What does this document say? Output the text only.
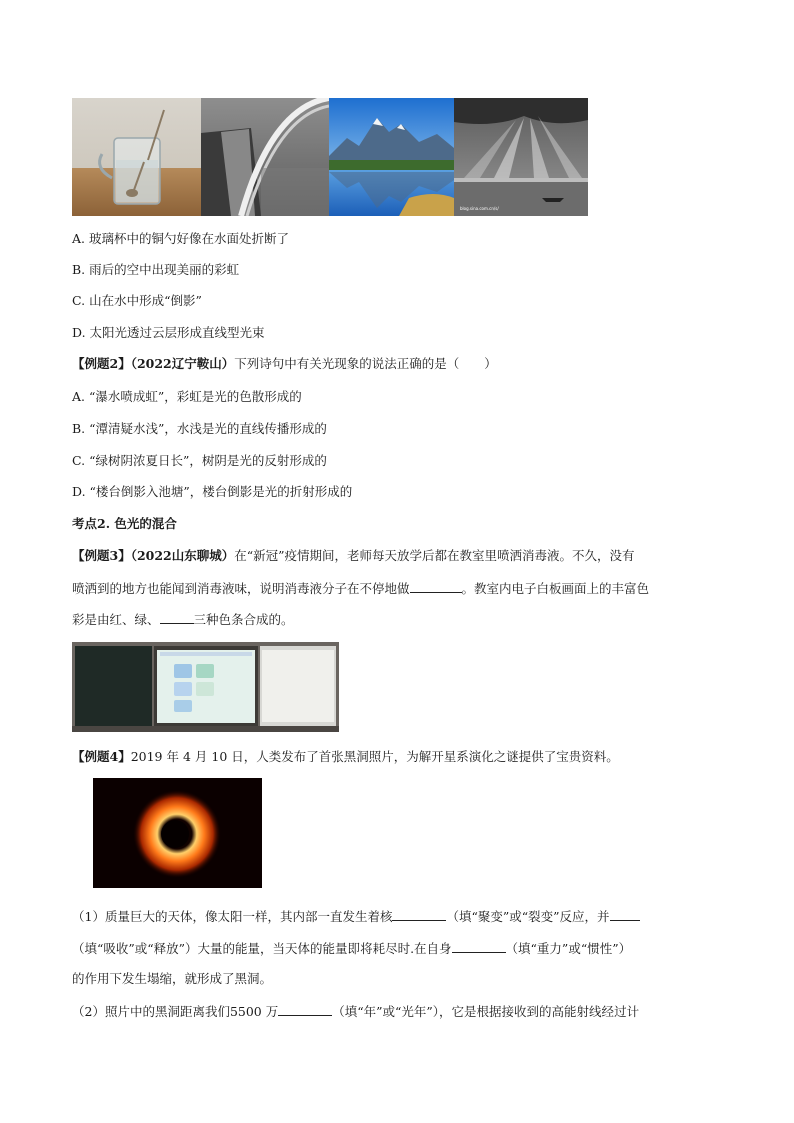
blog.sina.com.cn/s/
A. 玻璃杯中的铜勺好像在水面处折断了
B. 雨后的空中出现美丽的彩虹
C. 山在水中形成“倒影”
D. 太阳光透过云层形成直线型光束
【例题2】（2022辽宁鞍山）下列诗句中有关光现象的说法正确的是（　　）
A. “瀑水喷成虹”，彩虹是光的色散形成的
B. “潭清疑水浅”，水浅是光的直线传播形成的
C. “绿树阴浓夏日长”，树阴是光的反射形成的
D. “楼台倒影入池塘”，楼台倒影是光的折射形成的
考点2. 色光的混合
【例题3】（2022山东聊城）在“新冠”疫情期间，老师每天放学后都在教室里喷洒消毒液。不久，没有
喷洒到的地方也能闻到消毒液味，说明消毒液分子在不停地做	。教室内电子白板画面上的丰富色
彩是由红、绿、	三种色条合成的。
【例题4】2019 年 4 月 10 日，人类发布了首张黑洞照片，为解开星系演化之谜提供了宝贵资料。
（1）质量巨大的天体，像太阳一样，其内部一直发生着核	（填“聚变”或“裂变”反应，并
（填“吸收”或“释放”）大量的能量，当天体的能量即将耗尽时.在自身	（填“重力”或“惯性”）
的作用下发生塌缩，就形成了黑洞。
（2）照片中的黑洞距离我们5500 万	（填“年”或“光年”），它是根据接收到的高能射线经过计
